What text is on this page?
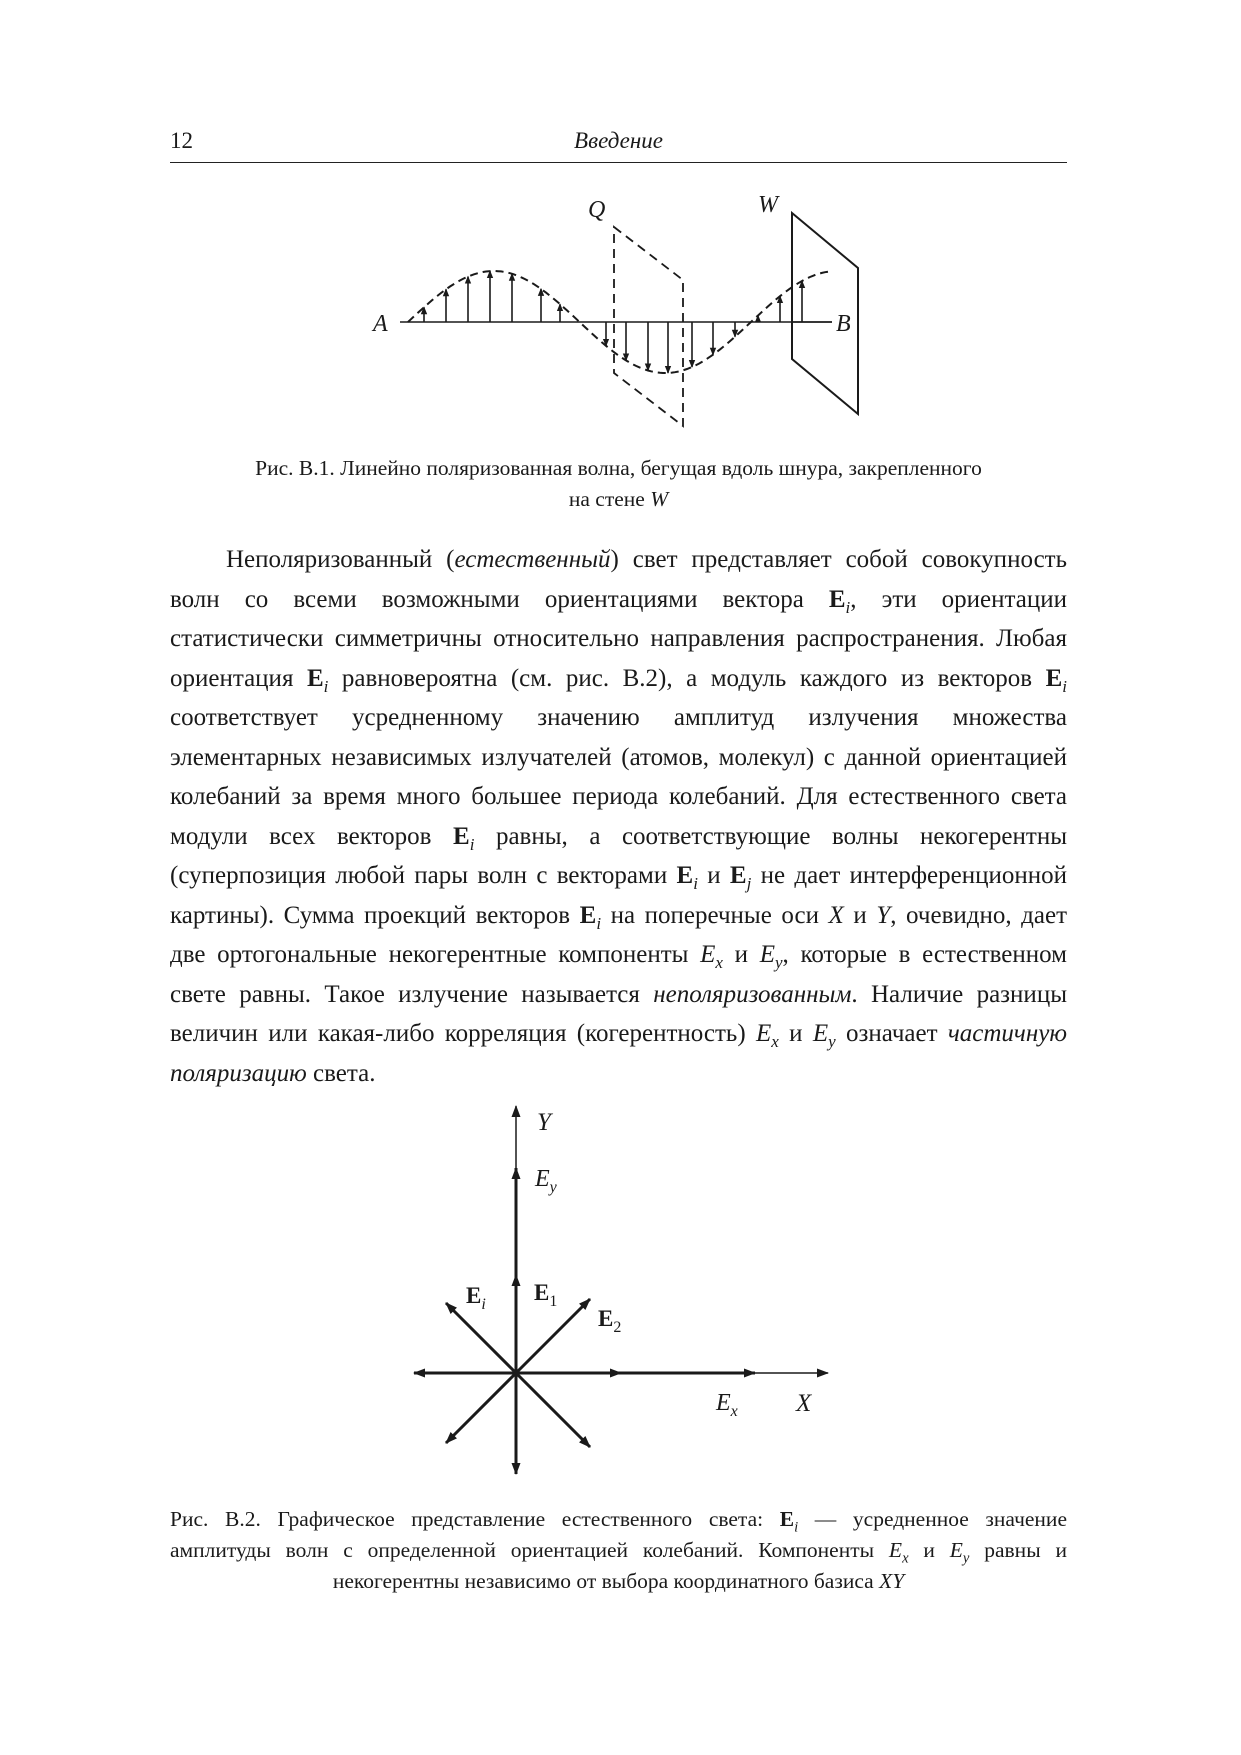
12	Введение
A	B
Q	W
Рис. В.1. Линейно поляризованная волна, бегущая вдоль шнура, закрепленного
на стене W

Неполяризованный (естественный) свет представляет собой совокупность волн со всеми возможными ориентациями вектора $E_i$, эти ориентации статистически симметричны относительно направления распространения. Любая ориентация $E_i$ равновероятна (см. рис. В.2), а модуль каждого из векторов $E_i$ соответствует усредненному значению амплитуд излучения множества элементарных независимых излучателей (атомов, молекул) с данной ориентацией колебаний за время много большее периода колебаний. Для естественного света модули всех векторов $E_i$ равны, а соответствующие волны некогерентны (суперпозиция любой пары волн с векторами $E_i$ и $E_j$ не дает интерференционной картины). Сумма проекций векторов $E_i$ на поперечные оси X и Y, очевидно, дает две ортогональные некогерентные компоненты $E_x$ и $E_y$, которые в естественном свете равны. Такое излучение называется неполяризованным. Наличие разницы величин или какая-либо корреляция (когерентность) $E_x$ и $E_y$ означает частичную поляризацию света.

Y
$E_y$
$E_i$ $E_1$
$E_2$
$E_x$ X
Рис. В.2. Графическое представление естественного света: $E_i$ — усредненное значение амплитуды волн с определенной ориентацией колебаний. Компоненты $E_x$ и $E_y$ равны и некогерентны независимо от выбора координатного базиса XY
